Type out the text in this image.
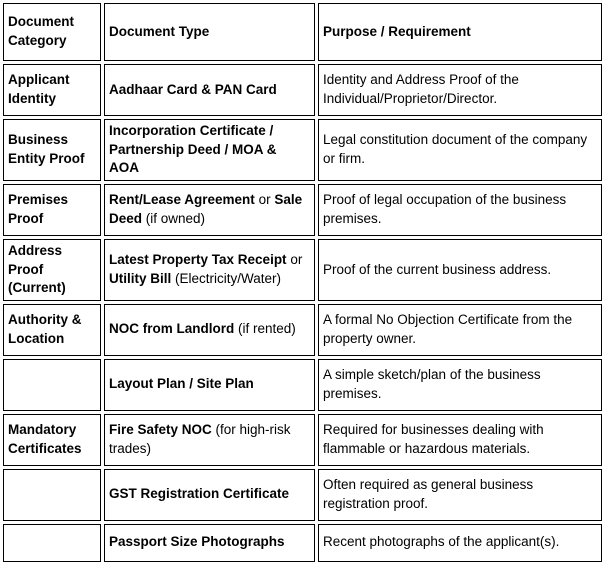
Document Category	Document Type	Purpose / Requirement
Applicant Identity	Aadhaar Card & PAN Card	Identity and Address Proof of the Individual/Proprietor/Director.
Business Entity Proof	Incorporation Certificate / Partnership Deed / MOA & AOA	Legal constitution document of the company or firm.
Premises Proof	Rent/Lease Agreement or Sale Deed (if owned)	Proof of legal occupation of the business premises.
Address Proof (Current)	Latest Property Tax Receipt or Utility Bill (Electricity/Water)	Proof of the current business address.
Authority & Location	NOC from Landlord (if rented)	A formal No Objection Certificate from the property owner.
	Layout Plan / Site Plan	A simple sketch/plan of the business premises.
Mandatory Certificates	Fire Safety NOC (for high-risk trades)	Required for businesses dealing with flammable or hazardous materials.
	GST Registration Certificate	Often required as general business registration proof.
	Passport Size Photographs	Recent photographs of the applicant(s).
